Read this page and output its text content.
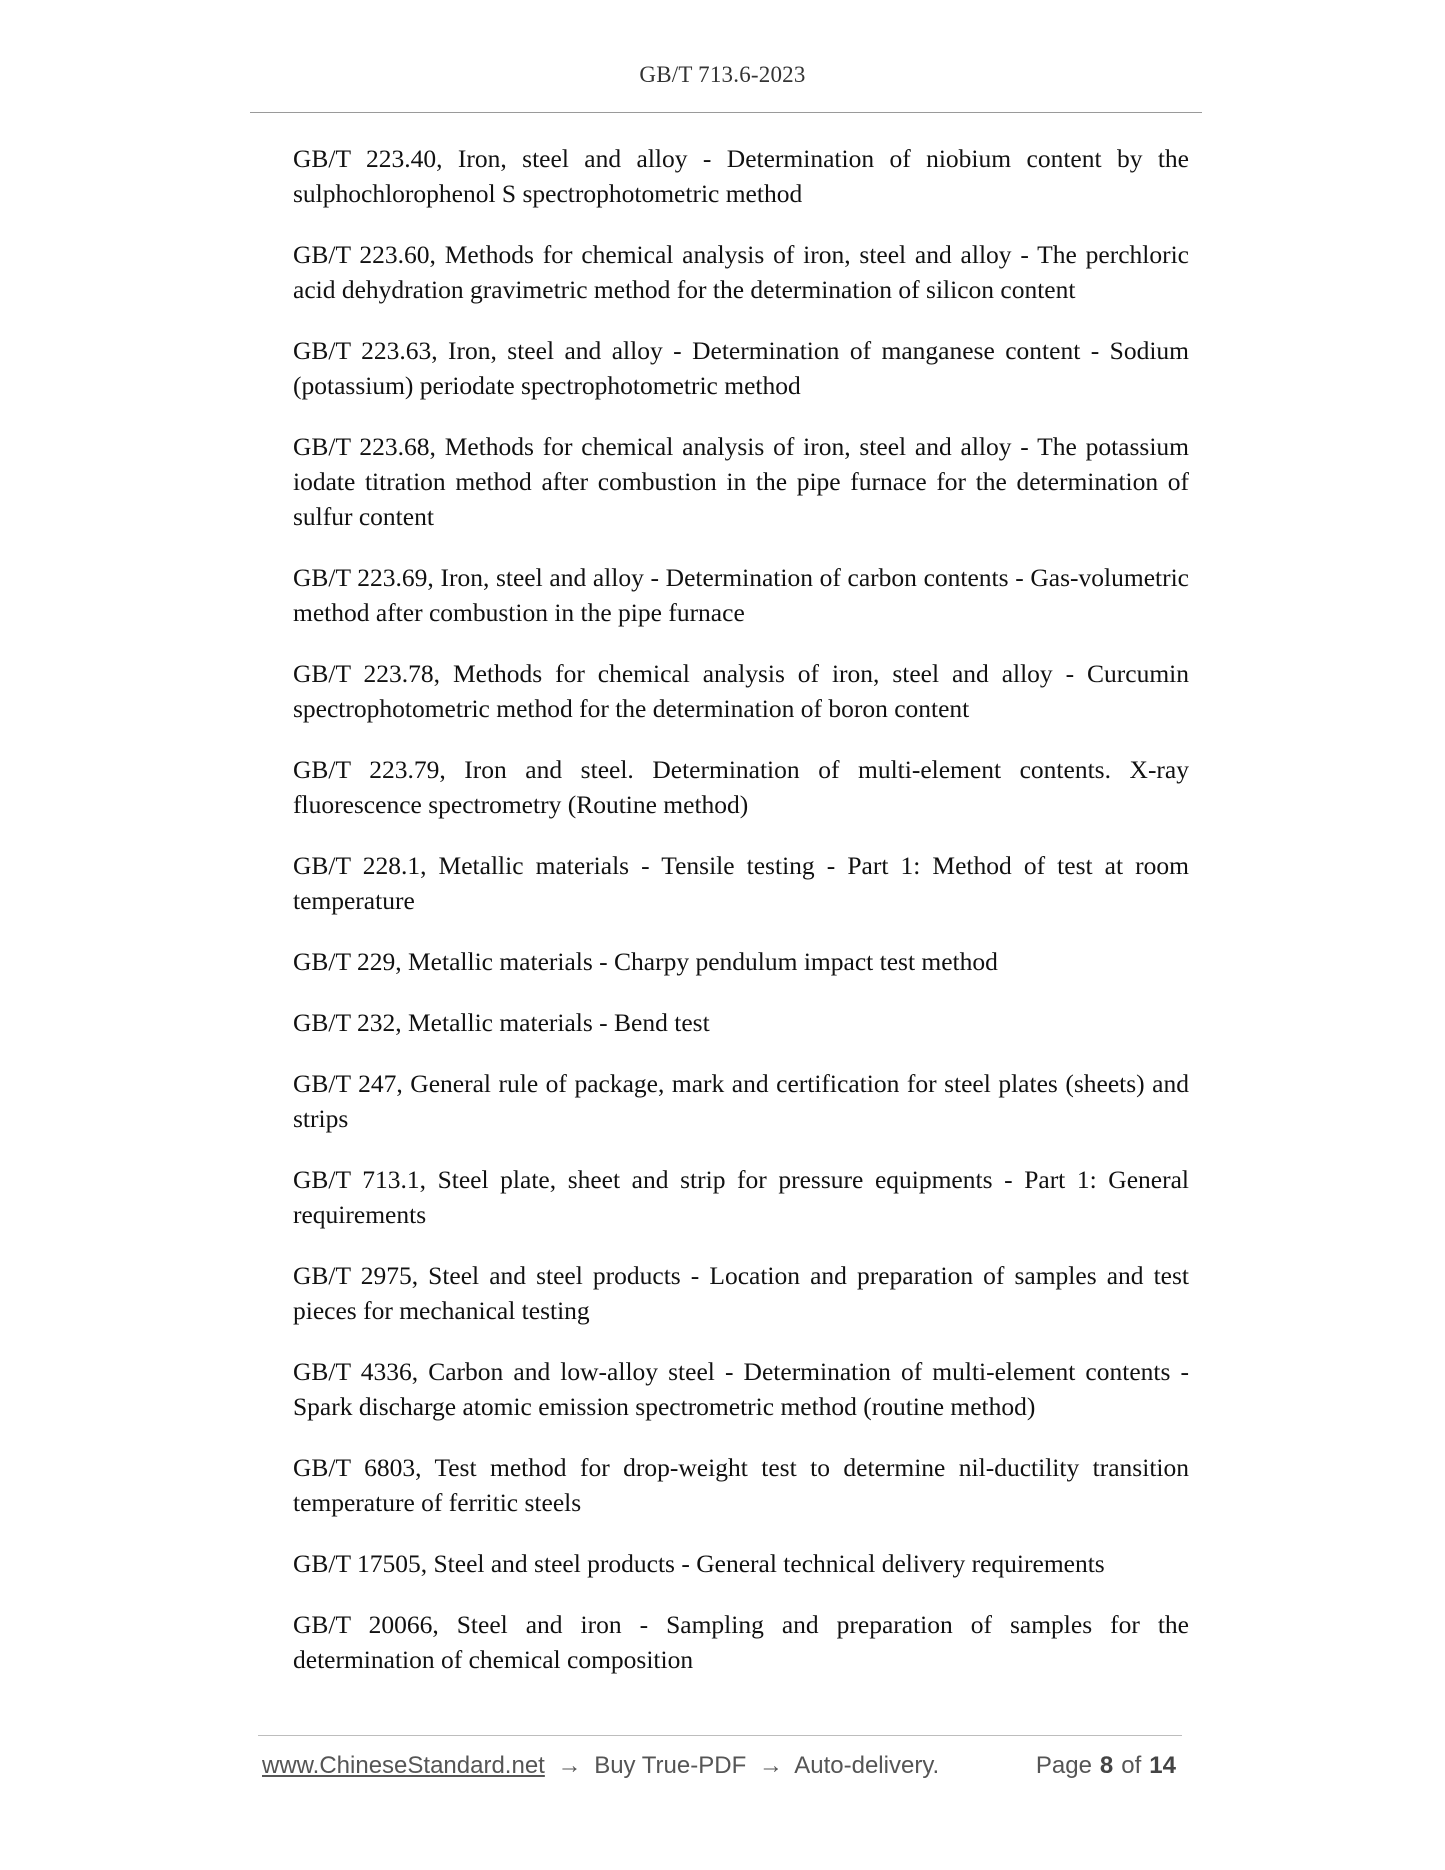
GB/T 713.6-2023

GB/T 223.40, Iron, steel and alloy - Determination of niobium content by the sulphochlorophenol S spectrophotometric method

GB/T 223.60, Methods for chemical analysis of iron, steel and alloy - The perchloric acid dehydration gravimetric method for the determination of silicon content

GB/T 223.63, Iron, steel and alloy - Determination of manganese content - Sodium (potassium) periodate spectrophotometric method

GB/T 223.68, Methods for chemical analysis of iron, steel and alloy - The potassium iodate titration method after combustion in the pipe furnace for the determination of sulfur content

GB/T 223.69, Iron, steel and alloy - Determination of carbon contents - Gas-volumetric method after combustion in the pipe furnace

GB/T 223.78, Methods for chemical analysis of iron, steel and alloy - Curcumin spectrophotometric method for the determination of boron content

GB/T 223.79, Iron and steel. Determination of multi-element contents. X-ray fluorescence spectrometry (Routine method)

GB/T 228.1, Metallic materials - Tensile testing - Part 1: Method of test at room temperature

GB/T 229, Metallic materials - Charpy pendulum impact test method

GB/T 232, Metallic materials - Bend test

GB/T 247, General rule of package, mark and certification for steel plates (sheets) and strips

GB/T 713.1, Steel plate, sheet and strip for pressure equipments - Part 1: General requirements

GB/T 2975, Steel and steel products - Location and preparation of samples and test pieces for mechanical testing

GB/T 4336, Carbon and low-alloy steel - Determination of multi-element contents - Spark discharge atomic emission spectrometric method (routine method)

GB/T 6803, Test method for drop-weight test to determine nil-ductility transition temperature of ferritic steels

GB/T 17505, Steel and steel products - General technical delivery requirements

GB/T 20066, Steel and iron - Sampling and preparation of samples for the determination of chemical composition

www.ChineseStandard.net → Buy True-PDF → Auto-delivery.	Page 8 of 14
